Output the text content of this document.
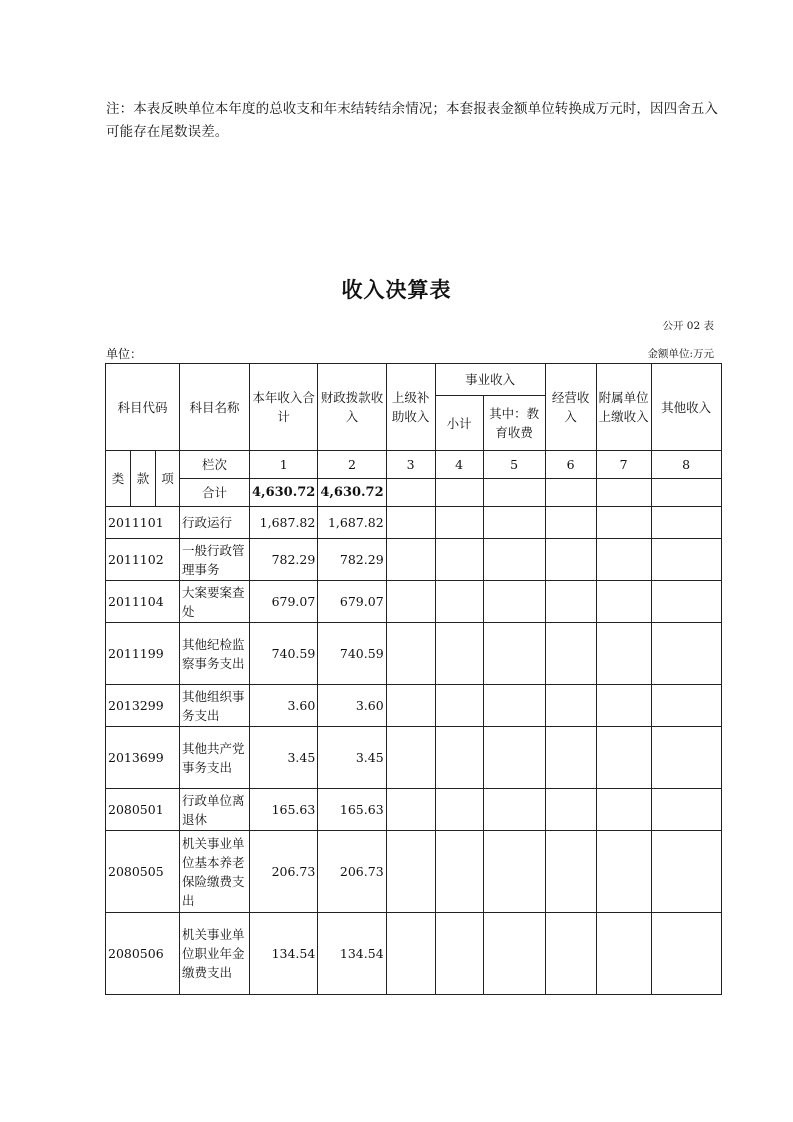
注：本表反映单位本年度的总收支和年末结转结余情况；本套报表金额单位转换成万元时，因四舍五入可能存在尾数误差。
收入决算表
公开 02 表
单位：	金额单位:万元
科目代码			科目名称	本年收入合计	财政拨款收入	上级补助收入	事业收入		经营收入	附属单位上缴收入	其他收入
							小计	其中：教育收费			
类	款	项	栏次	1	2	3	4	5	6	7	8
			合计	4,630.72	4,630.72						
2011101			行政运行	1,687.82	1,687.82						
2011102			一般行政管理事务	782.29	782.29						
2011104			大案要案查处	679.07	679.07						
2011199			其他纪检监察事务支出	740.59	740.59						
2013299			其他组织事务支出	3.60	3.60						
2013699			其他共产党事务支出	3.45	3.45						
2080501			行政单位离退休	165.63	165.63						
2080505			机关事业单位基本养老保险缴费支出	206.73	206.73						
2080506			机关事业单位职业年金缴费支出	134.54	134.54						
